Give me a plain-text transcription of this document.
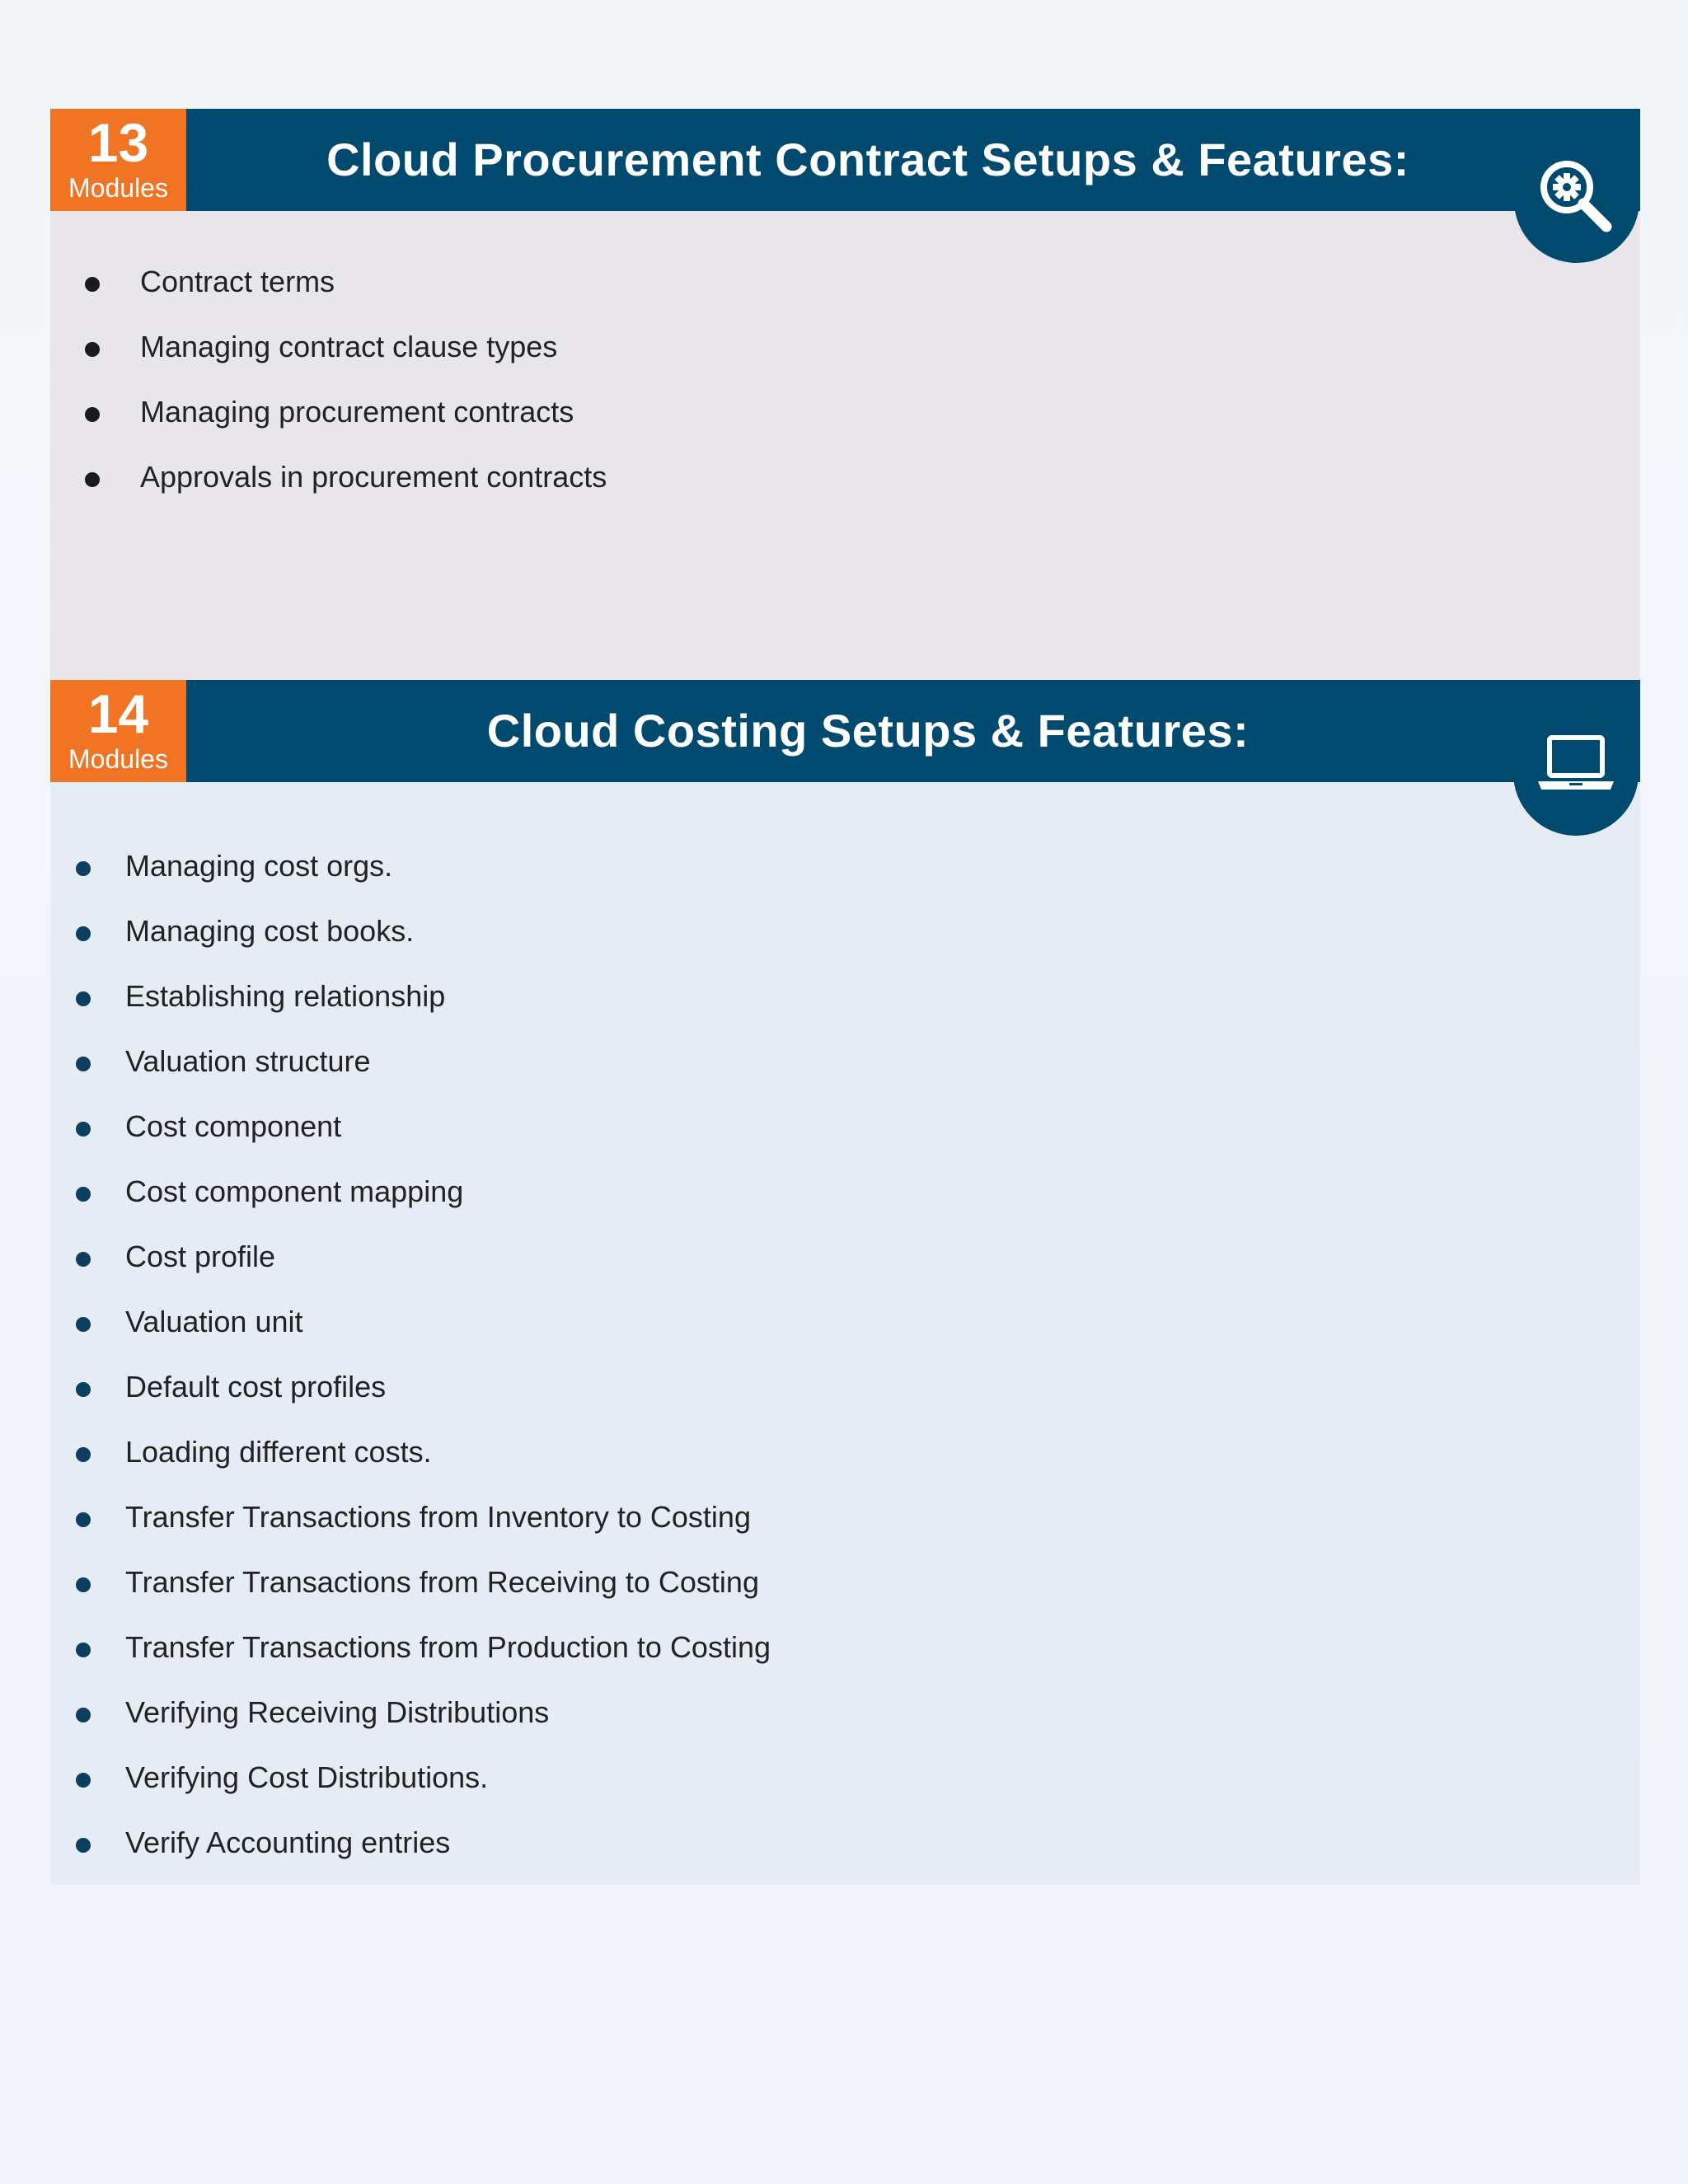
13
Modules
Cloud Procurement Contract Setups & Features:
Contract terms
Managing contract clause types
Managing procurement contracts
Approvals in procurement contracts
14
Modules
Cloud Costing Setups & Features:
Managing cost orgs.
Managing cost books.
Establishing relationship
Valuation structure
Cost component
Cost component mapping
Cost profile
Valuation unit
Default cost profiles
Loading different costs.
Transfer Transactions from Inventory to Costing
Transfer Transactions from Receiving to Costing
Transfer Transactions from Production to Costing
Verifying Receiving Distributions
Verifying Cost Distributions.
Verify Accounting entries
